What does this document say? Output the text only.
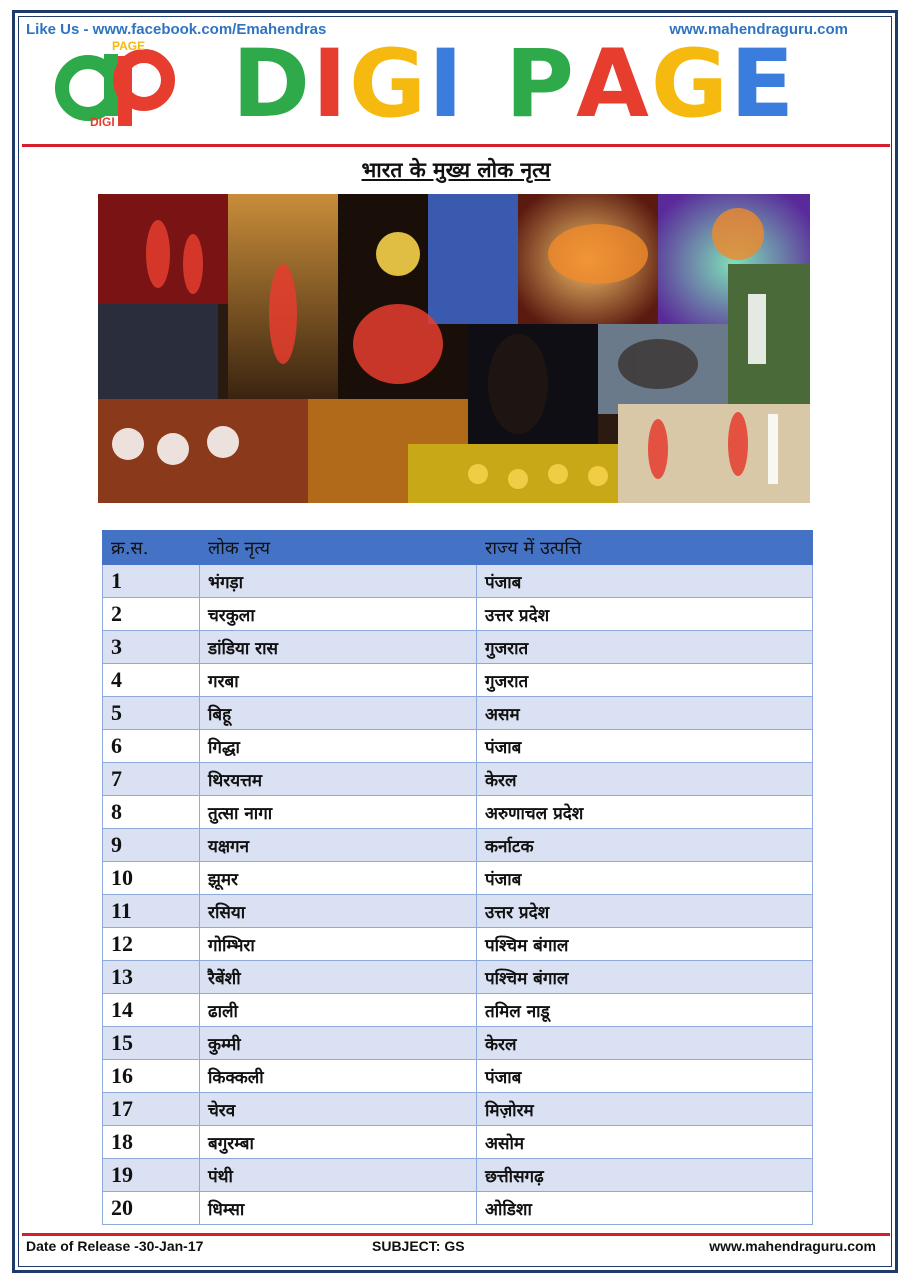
Like Us - www.facebook.com/Emahendras	www.mahendraguru.com
PAGE
DIGI DIGI PAGE
भारत के मुख्य लोक नृत्य
क्र.स.	लोक नृत्य	राज्य में उत्पत्ति
1	भंगड़ा	पंजाब
2	चरकुला	उत्तर प्रदेश
3	डांडिया रास	गुजरात
4	गरबा	गुजरात
5	बिहू	असम
6	गिद्धा	पंजाब
7	थिरयत्तम	केरल
8	तुत्सा नागा	अरुणाचल प्रदेश
9	यक्षगन	कर्नाटक
10	झूमर	पंजाब
11	रसिया	उत्तर प्रदेश
12	गोम्भिरा	पश्चिम बंगाल
13	रैबेंशी	पश्चिम बंगाल
14	ढाली	तमिल नाडू
15	कुम्मी	केरल
16	किक्कली	पंजाब
17	चेरव	मिज़ोरम
18	बगुरम्बा	असोम
19	पंथी	छत्तीसगढ़
20	धिम्सा	ओडिशा
Date of Release -30-Jan-17	SUBJECT: GS	www.mahendraguru.com
